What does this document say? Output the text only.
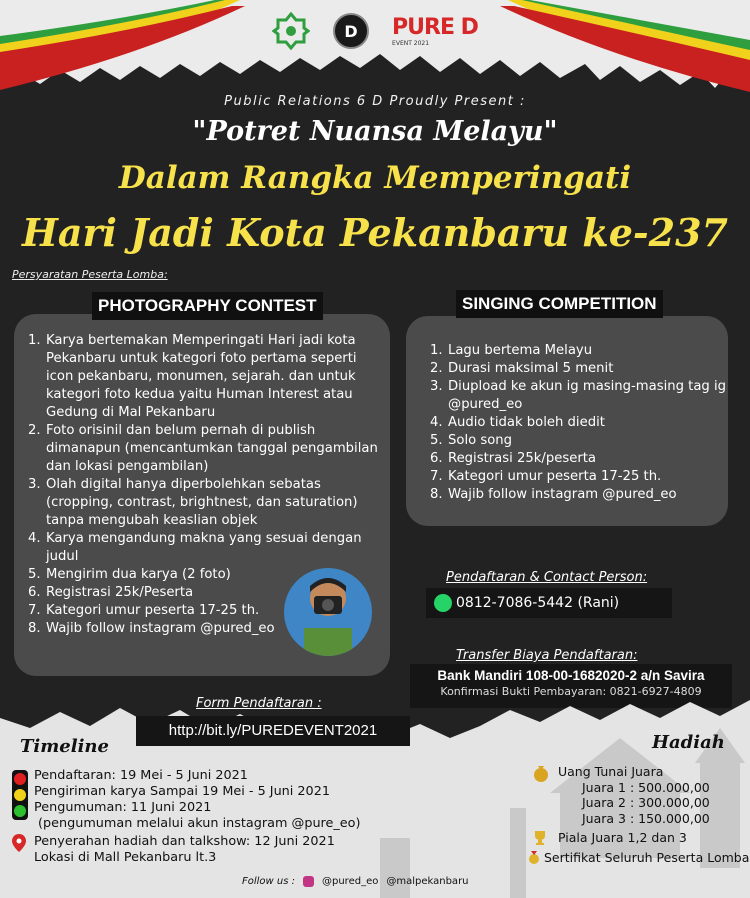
D PURE D
EVENT 2021
Public Relations 6 D Proudly Present :
"Potret Nuansa Melayu"
Dalam Rangka Memperingati
Hari Jadi Kota Pekanbaru ke-237
Persyaratan Peserta Lomba:
1. Karya bertemakan Memperingati Hari jadi kota Pekanbaru untuk kategori foto pertama seperti icon pekanbaru, monumen, sejarah. dan untuk kategori foto kedua yaitu Human Interest atau Gedung di Mal Pekanbaru
2. Foto orisinil dan belum pernah di publish dimanapun (mencantumkan tanggal pengambilan dan lokasi pengambilan)
3. Olah digital hanya diperbolehkan sebatas (cropping, contrast, brightnest, dan saturation) tanpa mengubah keaslian objek
4. Karya mengandung makna yang sesuai dengan judul
5. Mengirim dua karya (2 foto)
6. Registrasi 25k/Peserta
7. Kategori umur peserta 17-25 th.
8. Wajib follow instagram @pured_eo
PHOTOGRAPHY CONTEST
1. Lagu bertema Melayu
2. Durasi maksimal 5 menit
3. Diupload ke akun ig masing-masing tag ig @pured_eo
4. Audio tidak boleh diedit
5. Solo song
6. Registrasi 25k/peserta
7. Kategori umur peserta 17-25 th.
8. Wajib follow instagram @pured_eo
SINGING COMPETITION
Pendaftaran & Contact Person:
0812-7086-5442 (Rani)
Transfer Biaya Pendaftaran:
Bank Mandiri 108-00-1682020-2 a/n Savira
Konfirmasi Bukti Pembayaran: 0821-6927-4809
Form Pendaftaran :
http://bit.ly/PUREDEVENT2021
Timeline
Pendaftaran: 19 Mei - 5 Juni 2021
Pengiriman karya Sampai 19 Mei - 5 Juni 2021
Pengumuman: 11 Juni 2021
(pengumuman melalui akun instagram @pure_eo)
Penyerahan hadiah dan talkshow: 12 Juni 2021
Lokasi di Mall Pekanbaru lt.3
Hadiah
Uang Tunai Juara
Juara 1 : 500.000,00
Juara 2 : 300.000,00
Juara 3 : 150.000,00
Piala Juara 1,2 dan 3
Sertifikat Seluruh Peserta Lomba
Follow us :	@pured_eo @malpekanbaru
